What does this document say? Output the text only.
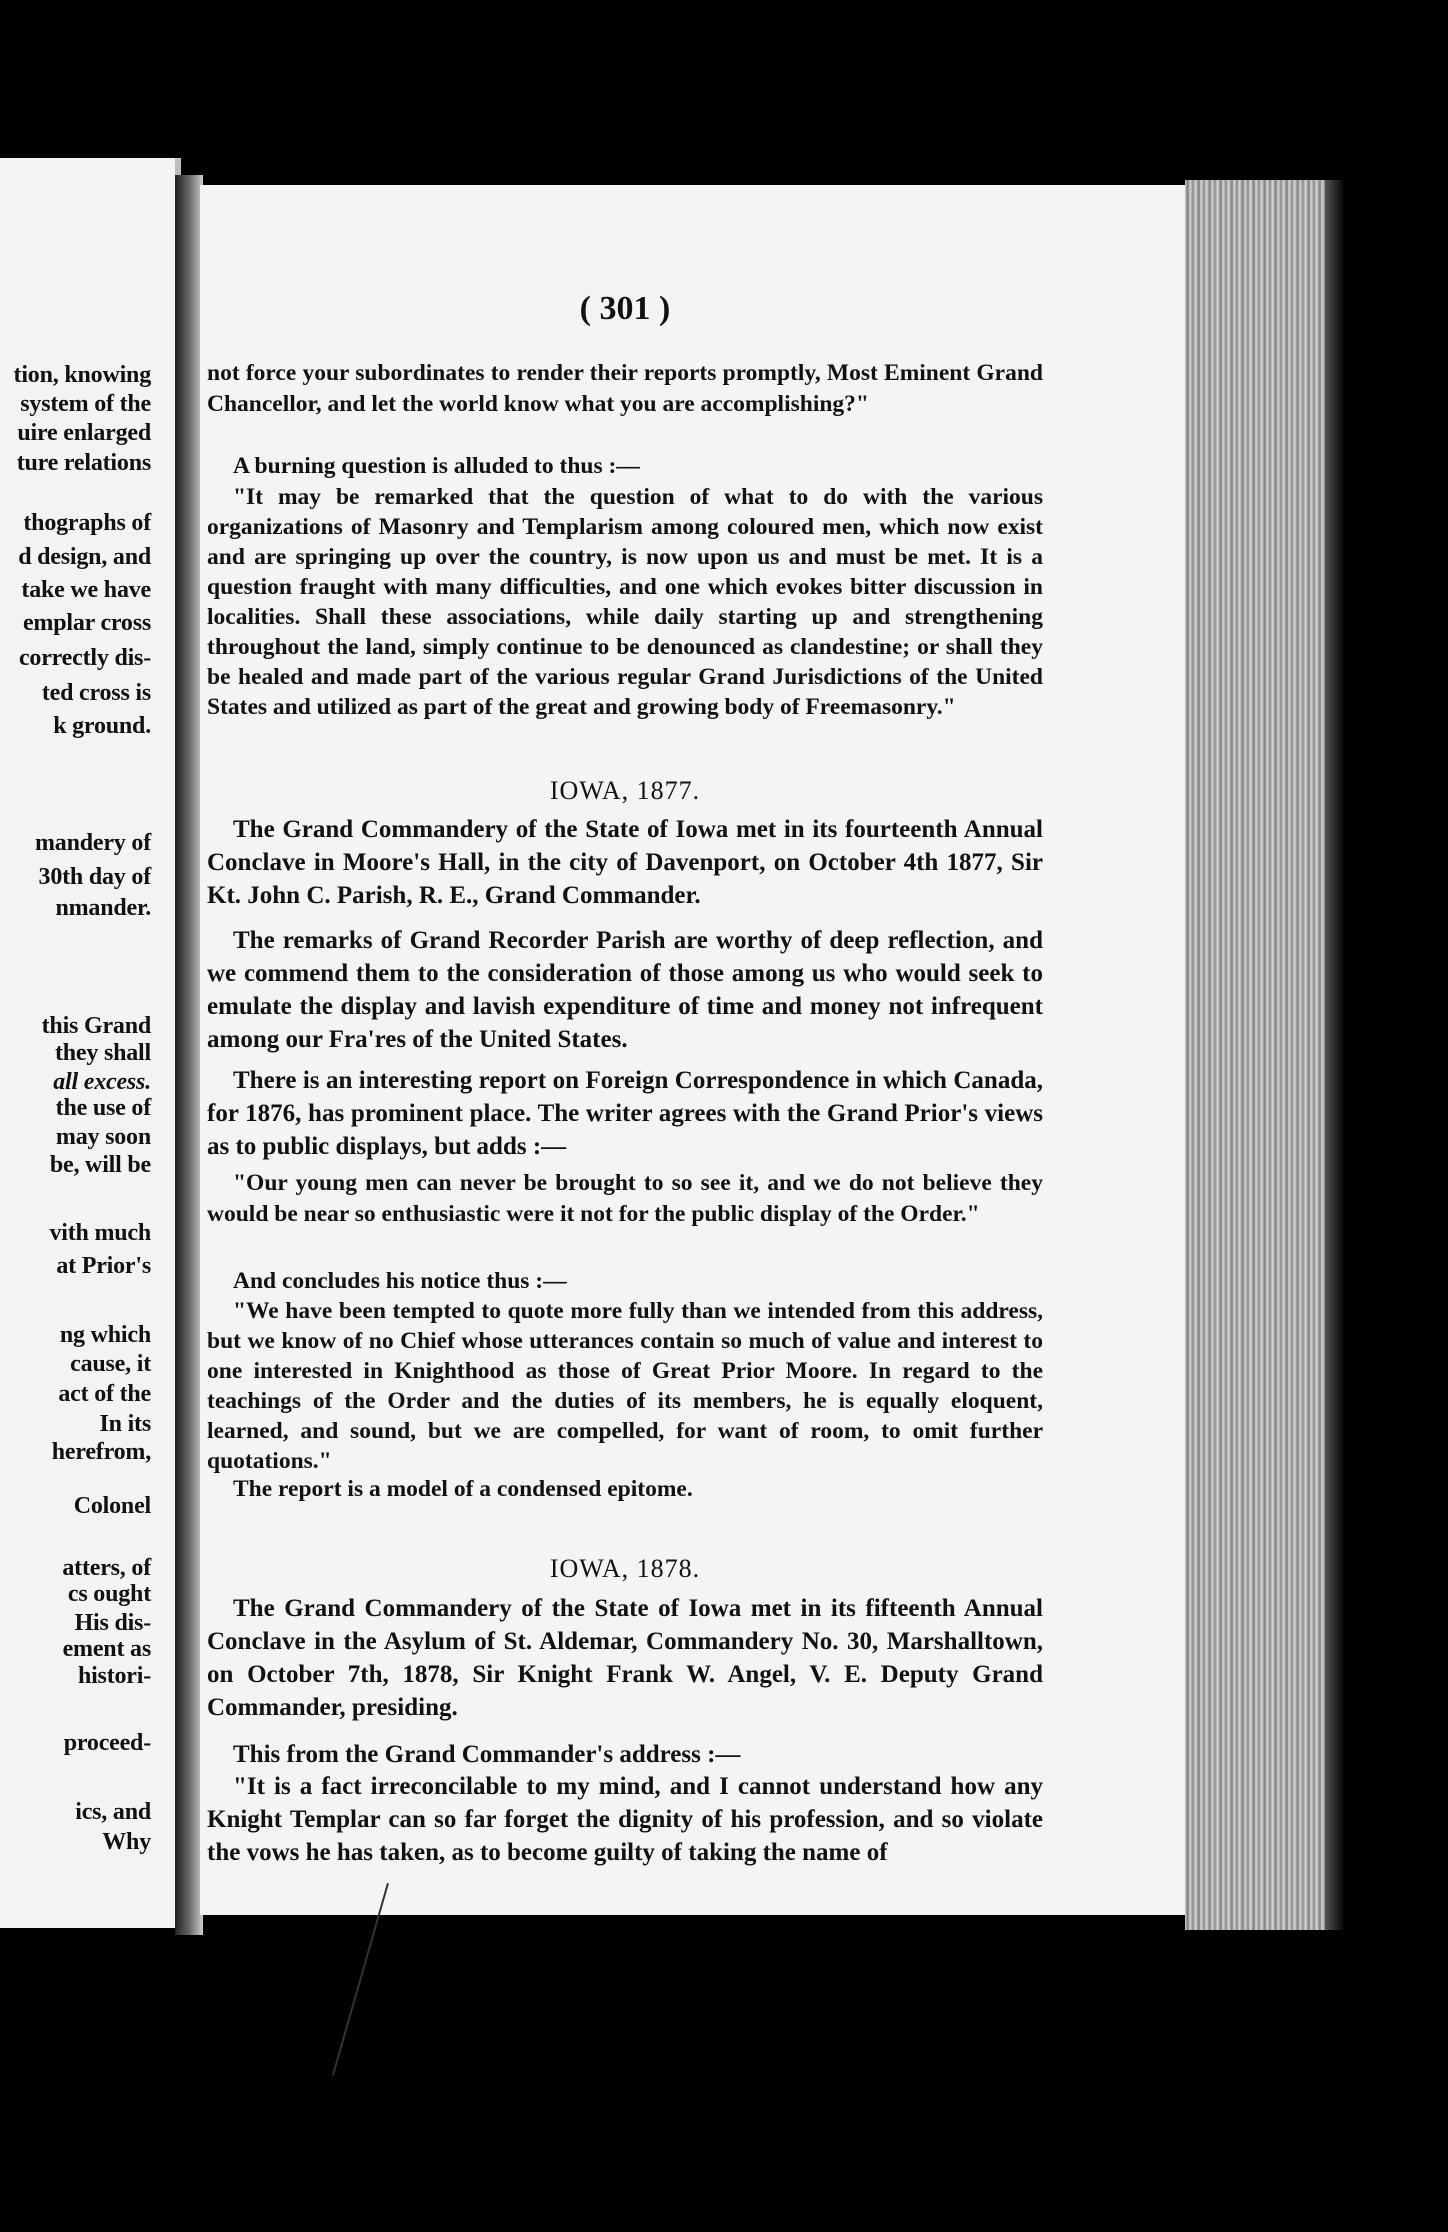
tion, knowing
system of the
uire enlarged
ture relations
thographs of
d design, and
take we have
emplar cross
correctly dis-
ted cross is
k ground.
mandery of
30th day of
nmander.
this Grand
they shall
all excess.
the use of
may soon
be, will be
vith much
at Prior's
ng which
cause, it
act of the
In its
herefrom,
Colonel
atters, of
cs ought
His dis-
ement as
histori-
proceed-
ics, and
Why
( 301 )

not force your subordinates to render their reports promptly, Most Eminent Grand Chancellor, and let the world know what you are accomplishing?"

A burning question is alluded to thus :—

"It may be remarked that the question of what to do with the various organizations of Masonry and Templarism among coloured men, which now exist and are springing up over the country, is now upon us and must be met. It is a question fraught with many difficulties, and one which evokes bitter discussion in localities. Shall these associations, while daily starting up and strengthening throughout the land, simply continue to be denounced as clandestine; or shall they be healed and made part of the various regular Grand Jurisdictions of the United States and utilized as part of the great and growing body of Freemasonry."

IOWA, 1877.

The Grand Commandery of the State of Iowa met in its fourteenth Annual Conclave in Moore's Hall, in the city of Davenport, on October 4th 1877, Sir Kt. John C. Parish, R. E., Grand Commander.

The remarks of Grand Recorder Parish are worthy of deep reflection, and we commend them to the consideration of those among us who would seek to emulate the display and lavish expenditure of time and money not infrequent among our Fra'res of the United States.

There is an interesting report on Foreign Correspondence in which Canada, for 1876, has prominent place. The writer agrees with the Grand Prior's views as to public displays, but adds :—

"Our young men can never be brought to so see it, and we do not believe they would be near so enthusiastic were it not for the public display of the Order."

And concludes his notice thus :—

"We have been tempted to quote more fully than we intended from this address, but we know of no Chief whose utterances contain so much of value and interest to one interested in Knighthood as those of Great Prior Moore. In regard to the teachings of the Order and the duties of its members, he is equally eloquent, learned, and sound, but we are compelled, for want of room, to omit further quotations."

The report is a model of a condensed epitome.

IOWA, 1878.

The Grand Commandery of the State of Iowa met in its fifteenth Annual Conclave in the Asylum of St. Aldemar, Commandery No. 30, Marshalltown, on October 7th, 1878, Sir Knight Frank W. Angel, V. E. Deputy Grand Commander, presiding.

This from the Grand Commander's address :—

"It is a fact irreconcilable to my mind, and I cannot understand how any Knight Templar can so far forget the dignity of his profession, and so violate the vows he has taken, as to become guilty of taking the name of
